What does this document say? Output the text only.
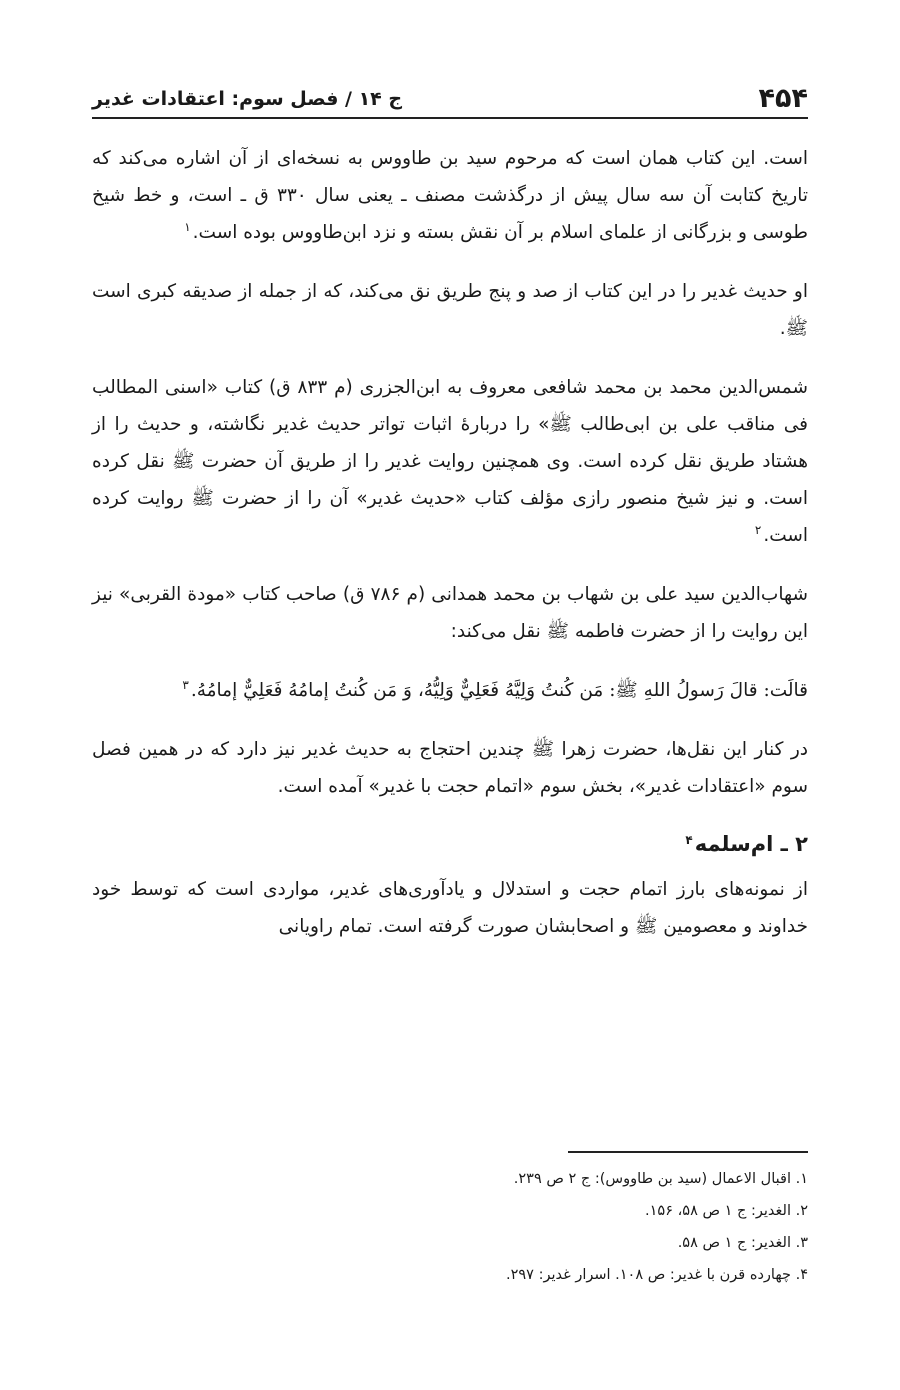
۴۵۴
ج ۱۴ / فصل سوم: اعتقادات غدیر

است. این کتاب همان است که مرحوم سید بن طاووس به نسخه‌ای از آن اشاره می‌کند که تاریخ کتابت آن سه سال پیش از درگذشت مصنف ـ یعنی سال ۳۳۰ ق ـ است، و خط شیخ طوسی و بزرگانی از علمای اسلام بر آن نقش بسته و نزد ابن‌طاووس بوده است.$^۱$

او حدیث غدیر را در این کتاب از صد و پنج طریق نق می‌کند، که از جمله از صدیقه کبری است ﷺ.

شمس‌الدین محمد بن محمد شافعی معروف به ابن‌الجزری (م ۸۳۳ ق) کتاب «اسنی المطالب فی مناقب علی بن ابی‌طالب ﷺ» را دربارهٔ اثبات تواتر حدیث غدیر نگاشته، و حدیث را از هشتاد طریق نقل کرده است. وی همچنین روایت غدیر را از طریق آن حضرت ﷺ نقل کرده است. و نیز شیخ منصور رازی مؤلف کتاب «حدیث غدیر» آن را از حضرت ﷺ روایت کرده است.$^۲$

شهاب‌الدین سید علی بن شهاب بن محمد همدانی (م ۷۸۶ ق) صاحب کتاب «مودة القربی» نیز این روایت را از حضرت فاطمه ﷺ نقل می‌کند:

قالَت: قالَ رَسولُ اللهِ ﷺ: مَن كُنتُ وَلِيَّهُ فَعَلِيٌّ وَلِيُّهُ، وَ مَن كُنتُ إمامُهُ فَعَلِيٌّ إمامُهُ.$^۳$

در کنار این نقل‌ها، حضرت زهرا ﷺ چندین احتجاج به حدیث غدیر نیز دارد که در همین فصل سوم «اعتقادات غدیر»، بخش سوم «اتمام حجت با غدیر» آمده است.

۲ ـ ام‌سلمه$^۴$

از نمونه‌های بارز اتمام حجت و استدلال و یادآوری‌های غدیر، مواردی است که توسط خود خداوند و معصومین ﷺ و اصحابشان صورت گرفته است. تمام راویانی

۱. اقبال الاعمال (سید بن طاووس): ج ۲ ص ۲۳۹.
۲. الغدیر: ج ۱ ص ۵۸، ۱۵۶.
۳. الغدیر: ج ۱ ص ۵۸.
۴. چهارده قرن با غدیر: ص ۱۰۸. اسرار غدیر: ۲۹۷.
